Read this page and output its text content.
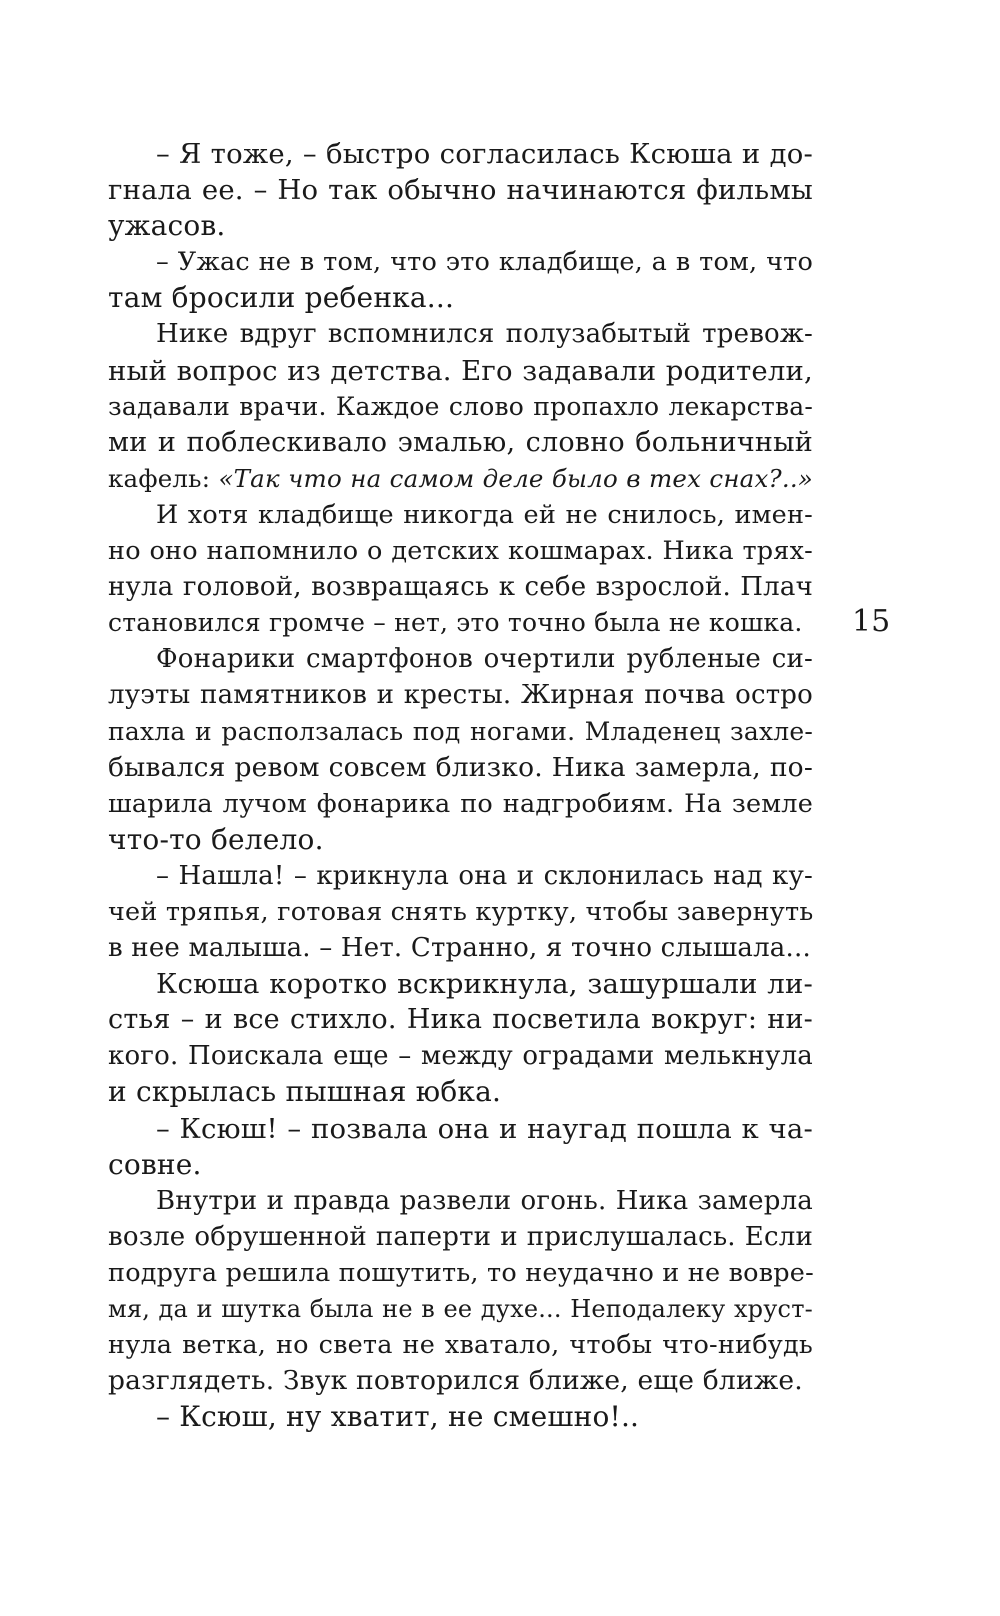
– Я тоже, – быстро согласилась Ксюша и до-
гнала ее. – Но так обычно начинаются фильмы
ужасов.
– Ужас не в том, что это кладбище, а в том, что
там бросили ребенка...
Нике вдруг вспомнился полузабытый тревож-
ный вопрос из детства. Его задавали родители,
задавали врачи. Каждое слово пропахло лекарства-
ми и поблескивало эмалью, словно больничный
кафель: «Так что на самом деле было в тех снах?..»
И хотя кладбище никогда ей не снилось, имен-
но оно напомнило о детских кошмарах. Ника трях-
нула головой, возвращаясь к себе взрослой. Плач
становился громче – нет, это точно была не кошка.
Фонарики смартфонов очертили рубленые си-
луэты памятников и кресты. Жирная почва остро
пахла и расползалась под ногами. Младенец захле-
бывался ревом совсем близко. Ника замерла, по-
шарила лучом фонарика по надгробиям. На земле
что-то белело.
– Нашла! – крикнула она и склонилась над ку-
чей тряпья, готовая снять куртку, чтобы завернуть
в нее малыша. – Нет. Странно, я точно слышала...
Ксюша коротко вскрикнула, зашуршали ли-
стья – и все стихло. Ника посветила вокруг: ни-
кого. Поискала еще – между оградами мелькнула
и скрылась пышная юбка.
– Ксюш! – позвала она и наугад пошла к ча-
совне.
Внутри и правда развели огонь. Ника замерла
возле обрушенной паперти и прислушалась. Если
подруга решила пошутить, то неудачно и не вовре-
мя, да и шутка была не в ее духе... Неподалеку хруст-
нула ветка, но света не хватало, чтобы что-нибудь
разглядеть. Звук повторился ближе, еще ближе.
– Ксюш, ну хватит, не смешно!..
15
